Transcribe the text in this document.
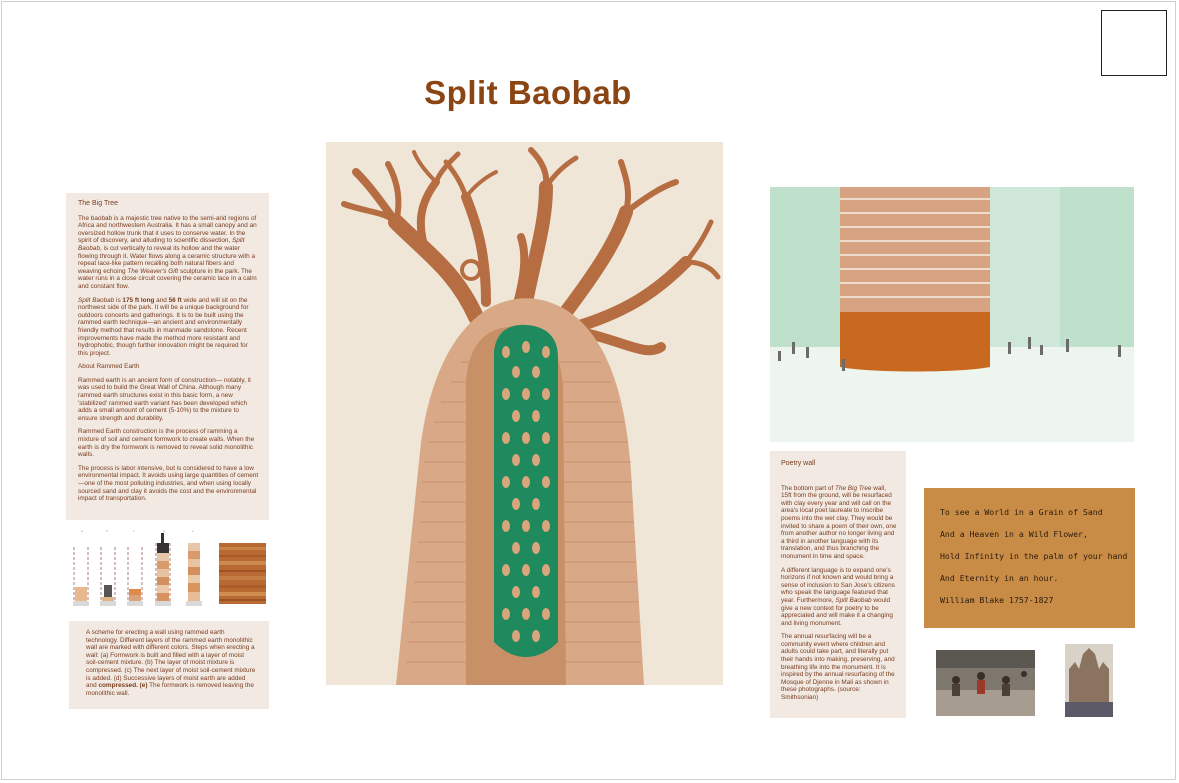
Split Baobab
The Big Tree

The baobab is a majestic tree native to the semi-arid regions of Africa and northwestern Australia. It has a small canopy and an oversized hollow trunk that it uses to conserve water. In the spirit of discovery, and alluding to scientific dissection, Split Baobab, is cut vertically to reveal its hollow and the water flowing through it. Water flows along a ceramic structure with a repeat lace-like pattern recalling both natural fibers and weaving echoing The Weaver's Gift sculpture in the park. The water runs in a close circuit covering the ceramic lace in a calm and constant flow.

Split Baobab is 175 ft long and 56 ft wide and will sit on the northwest side of the park. It will be a unique background for outdoors concerts and gatherings. It is to be built using the rammed earth technique—an ancient and environmentally friendly method that results in manmade sandstone. Recent improvements have made the method more resistant and hydrophobic, though further innovation might be required for this project.

About Rammed Earth

Rammed earth is an ancient form of construction— notably, it was used to build the Great Wall of China. Although many rammed earth structures exist in this basic form, a new 'stabilized' rammed earth variant has been developed which adds a small amount of cement (5-10%) to the mixture to ensure strength and durability.

Rammed Earth construction is the process of ramming a mixture of soil and cement formwork to create walls. When the earth is dry the formwork is removed to reveal solid monolithic walls.

The process is labor intensive, but is considered to have a low environmental impact. It avoids using large quantities of cement—one of the most polluting industries, and when using locally sourced sand and clay it avoids the cost and the environmental impact of transportation.

a	b	c	d	e
A scheme for erecting a wall using rammed earth technology. Different layers of the rammed earth monolithic wall are marked with different colors. Steps when erecting a wall: (a) Formwork is built and filled with a layer of moist soil-cement mixture. (b) The layer of moist mixture is compressed. (c) The next layer of moist soil-cement mixture is added. (d) Successive layers of moist earth are added and compressed. (e) The formwork is removed leaving the monolithic wall.
Poetry wall

The bottom part of The Big Tree wall, 15ft from the ground, will be resurfaced with clay every year and will call on the area's local poet laureate to inscribe poems into the wet clay. They would be invited to share a poem of their own, one from another author no longer living and a third in another language with its translation, and thus branching the monument in time and space.

A different language is to expand one's horizons if not known and would bring a sense of inclusion to San Jose's citizens who speak the language featured that year. Furthermore, Split Baobab would give a new context for poetry to be appreciated and will make it a changing and living monument.

The annual resurfacing will be a community event where children and adults could take part, and literally put their hands into making, preserving, and breathing life into the monument. It is inspired by the annual resurfacing of the Mosque of Djenne in Mali as shown in these photographs. (source: Smithsonian)

To see a World in a Grain of Sand
And a Heaven in a Wild Flower,
Hold Infinity in the palm of your hand
And Eternity in an hour.
William Blake 1757-1827
